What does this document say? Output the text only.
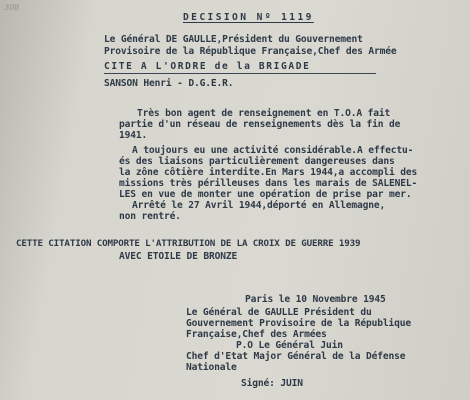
308
DECISION Nº 1119
Le Général DE GAULLE,Président du Gouvernement
Provisoire de la République Française,Chef des Armée
CITE A L'ORDRE de la BRIGADE
SANSON Henri - D.G.E.R.
Très bon agent de renseignement en T.O.A fait
partie d'un réseau de renseignements dès la fin de
1941.
A toujours eu une activité considérable.A effectu-
és des liaisons particulièrement dangereuses dans
la zône côtière interdite.En Mars 1944,a accompli des
missions très périlleuses dans les marais de SALENEL-
LES en vue de monter une opération de prise par mer.
Arrêté le 27 Avril 1944,déporté en Allemagne,
non rentré.
CETTE CITATION COMPORTE L'ATTRIBUTION DE LA CROIX DE GUERRE 1939
AVEC ETOILE DE BRONZE
Paris le 10 Novembre 1945
Le Général de GAULLE Président du
Gouvernement Provisoire de la République
Française,Chef des Armées
P.O Le Général Juin
Chef d'Etat Major Général de la Défense
Nationale
Signé: JUIN
